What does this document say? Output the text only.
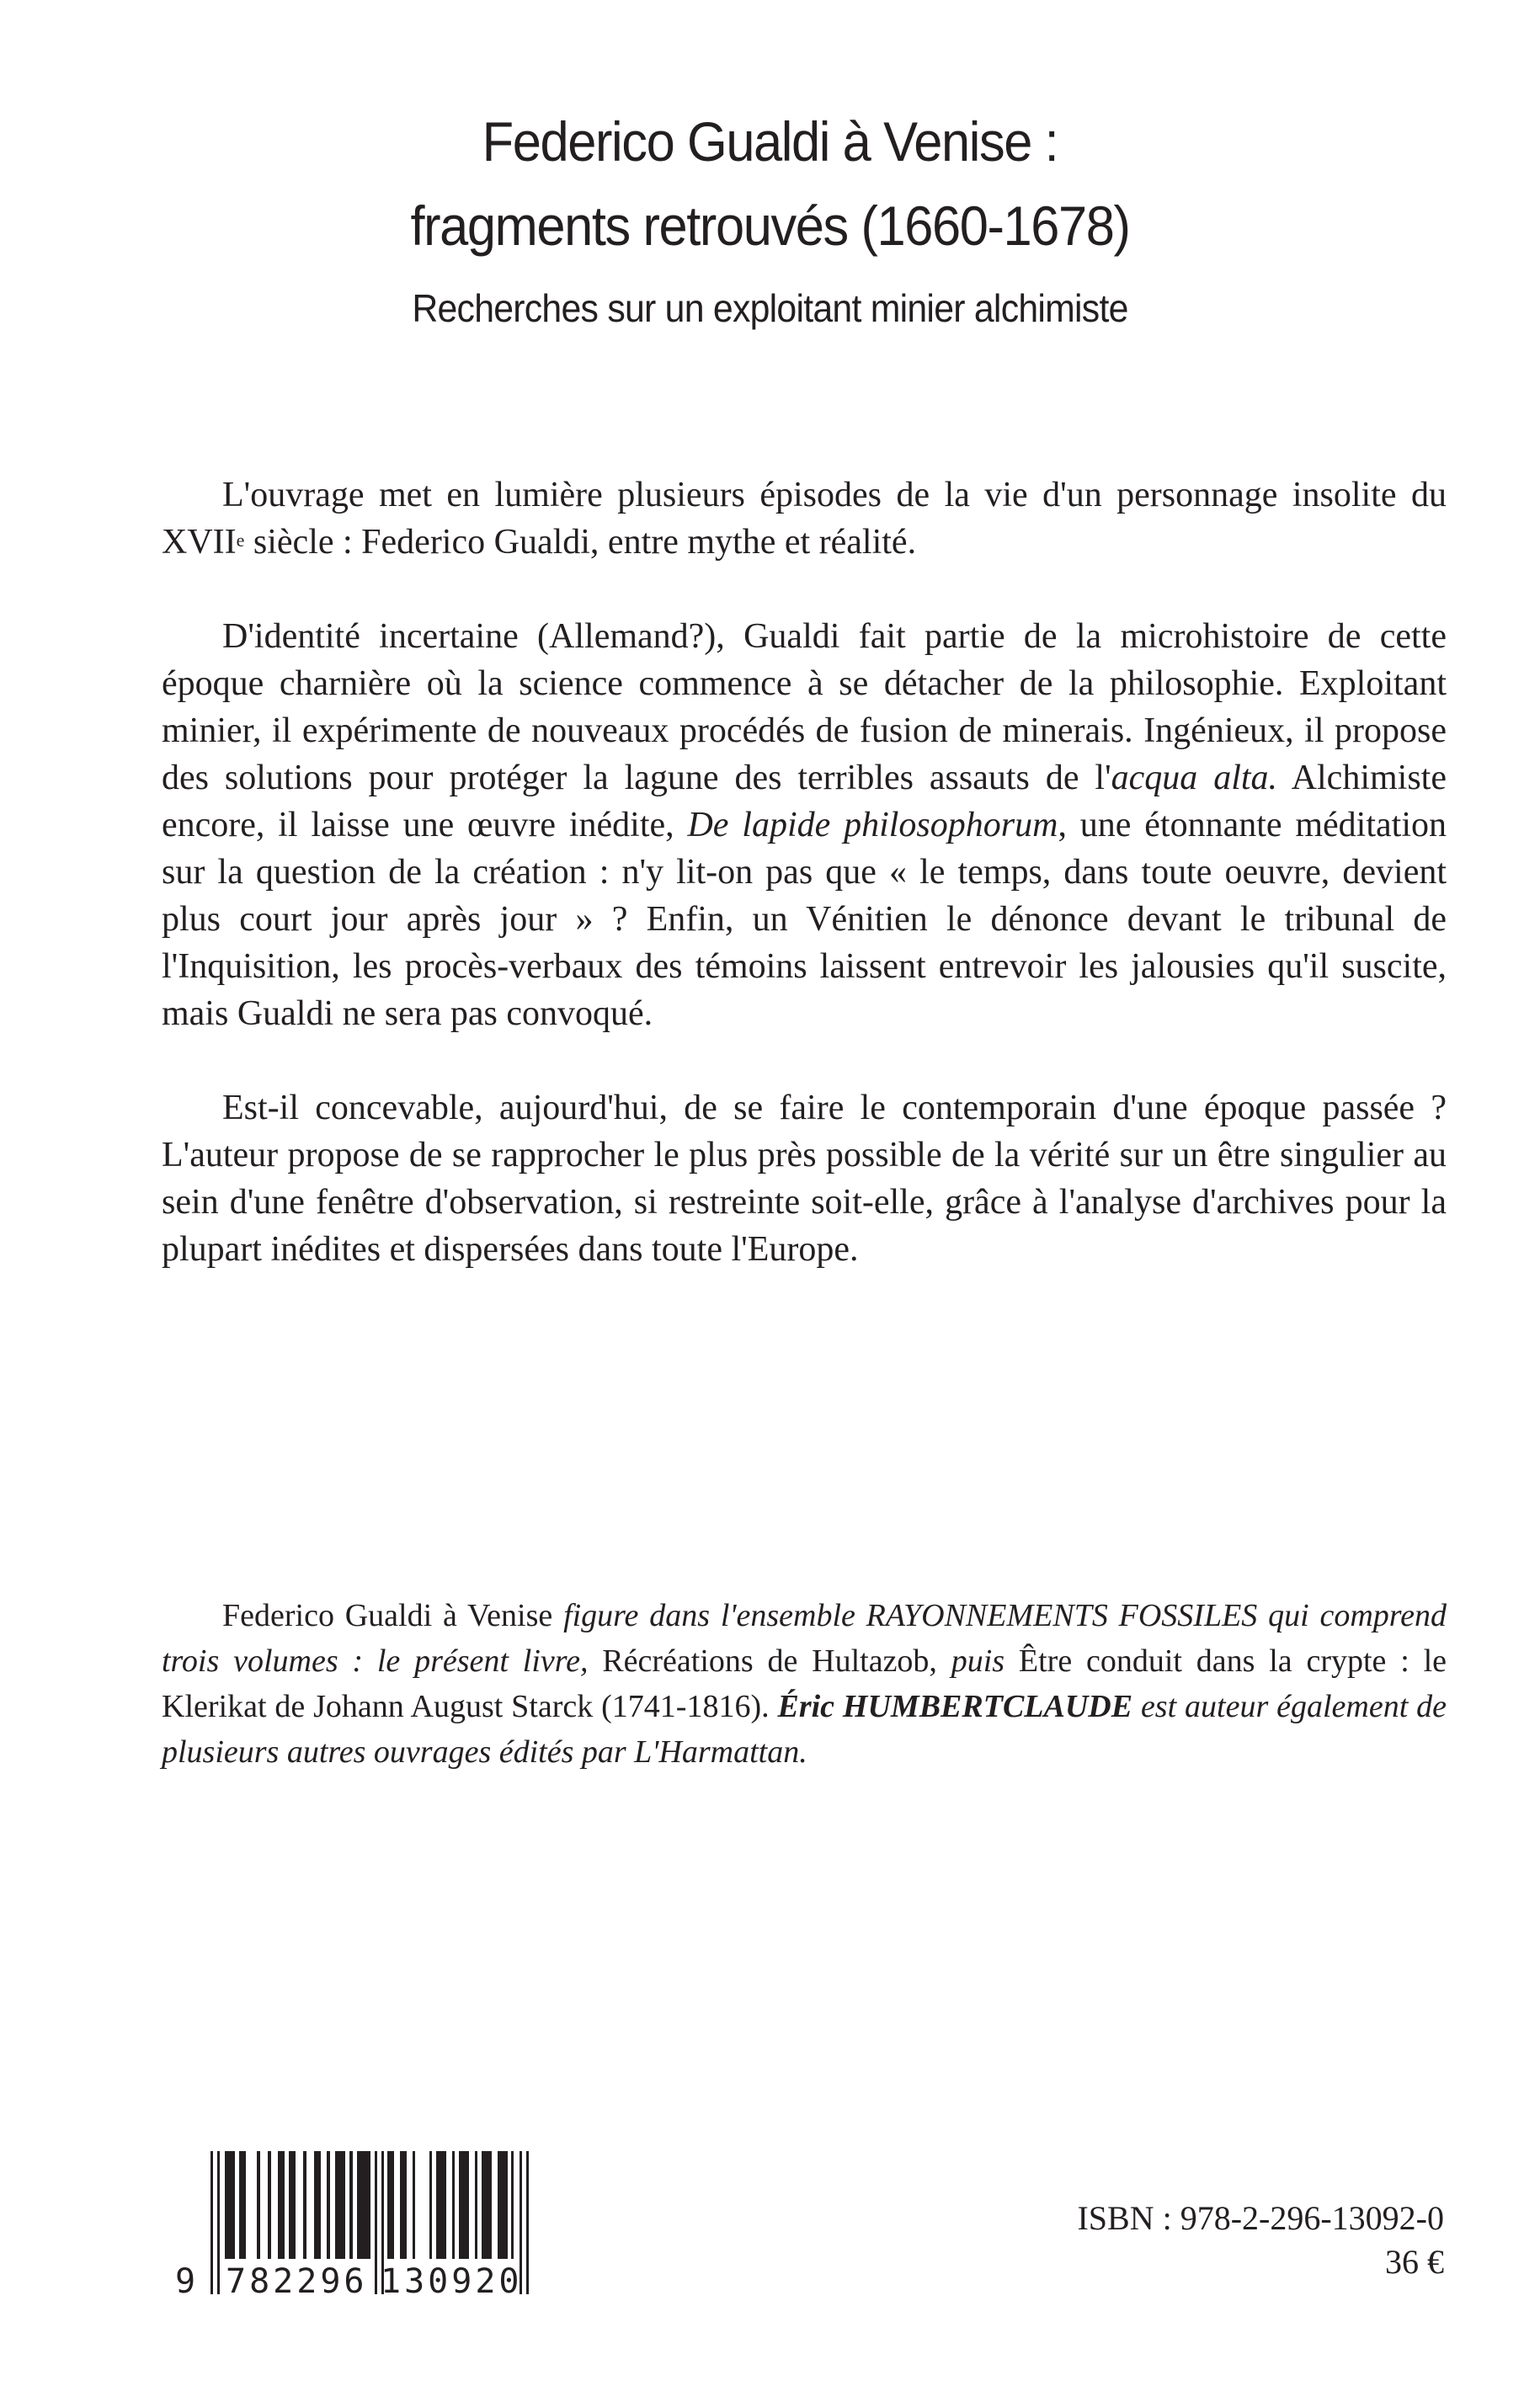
Federico Gualdi à Venise :
fragments retrouvés (1660-1678)
Recherches sur un exploitant minier alchimiste

L'ouvrage met en lumière plusieurs épisodes de la vie d'un personnage insolite du XVIIe siècle : Federico Gualdi, entre mythe et réalité.

D'identité incertaine (Allemand?), Gualdi fait partie de la microhistoire de cette époque charnière où la science commence à se détacher de la philosophie. Exploitant minier, il expérimente de nouveaux procédés de fusion de minerais. Ingénieux, il propose des solutions pour protéger la lagune des terribles assauts de l'acqua alta. Alchimiste encore, il laisse une œuvre inédite, De lapide philosophorum, une étonnante méditation sur la question de la création : n'y lit-on pas que « le temps, dans toute oeuvre, devient plus court jour après jour » ? Enfin, un Vénitien le dénonce devant le tribunal de l'Inquisition, les procès-verbaux des témoins laissent entrevoir les jalousies qu'il suscite, mais Gualdi ne sera pas convoqué.

Est-il concevable, aujourd'hui, de se faire le contemporain d'une époque passée ? L'auteur propose de se rapprocher le plus près possible de la vérité sur un être singulier au sein d'une fenêtre d'observation, si restreinte soit-elle, grâce à l'analyse d'archives pour la plupart inédites et dispersées dans toute l'Europe.

Federico Gualdi à Venise figure dans l'ensemble RAYONNEMENTS FOSSILES qui comprend trois volumes : le présent livre, Récréations de Hultazob, puis Être conduit dans la crypte : le Klerikat de Johann August Starck (1741-1816). Éric HUMBERTCLAUDE est auteur également de plusieurs autres ouvrages édités par L'Harmattan.

9 782296 130920
ISBN : 978-2-296-13092-0
36 €
